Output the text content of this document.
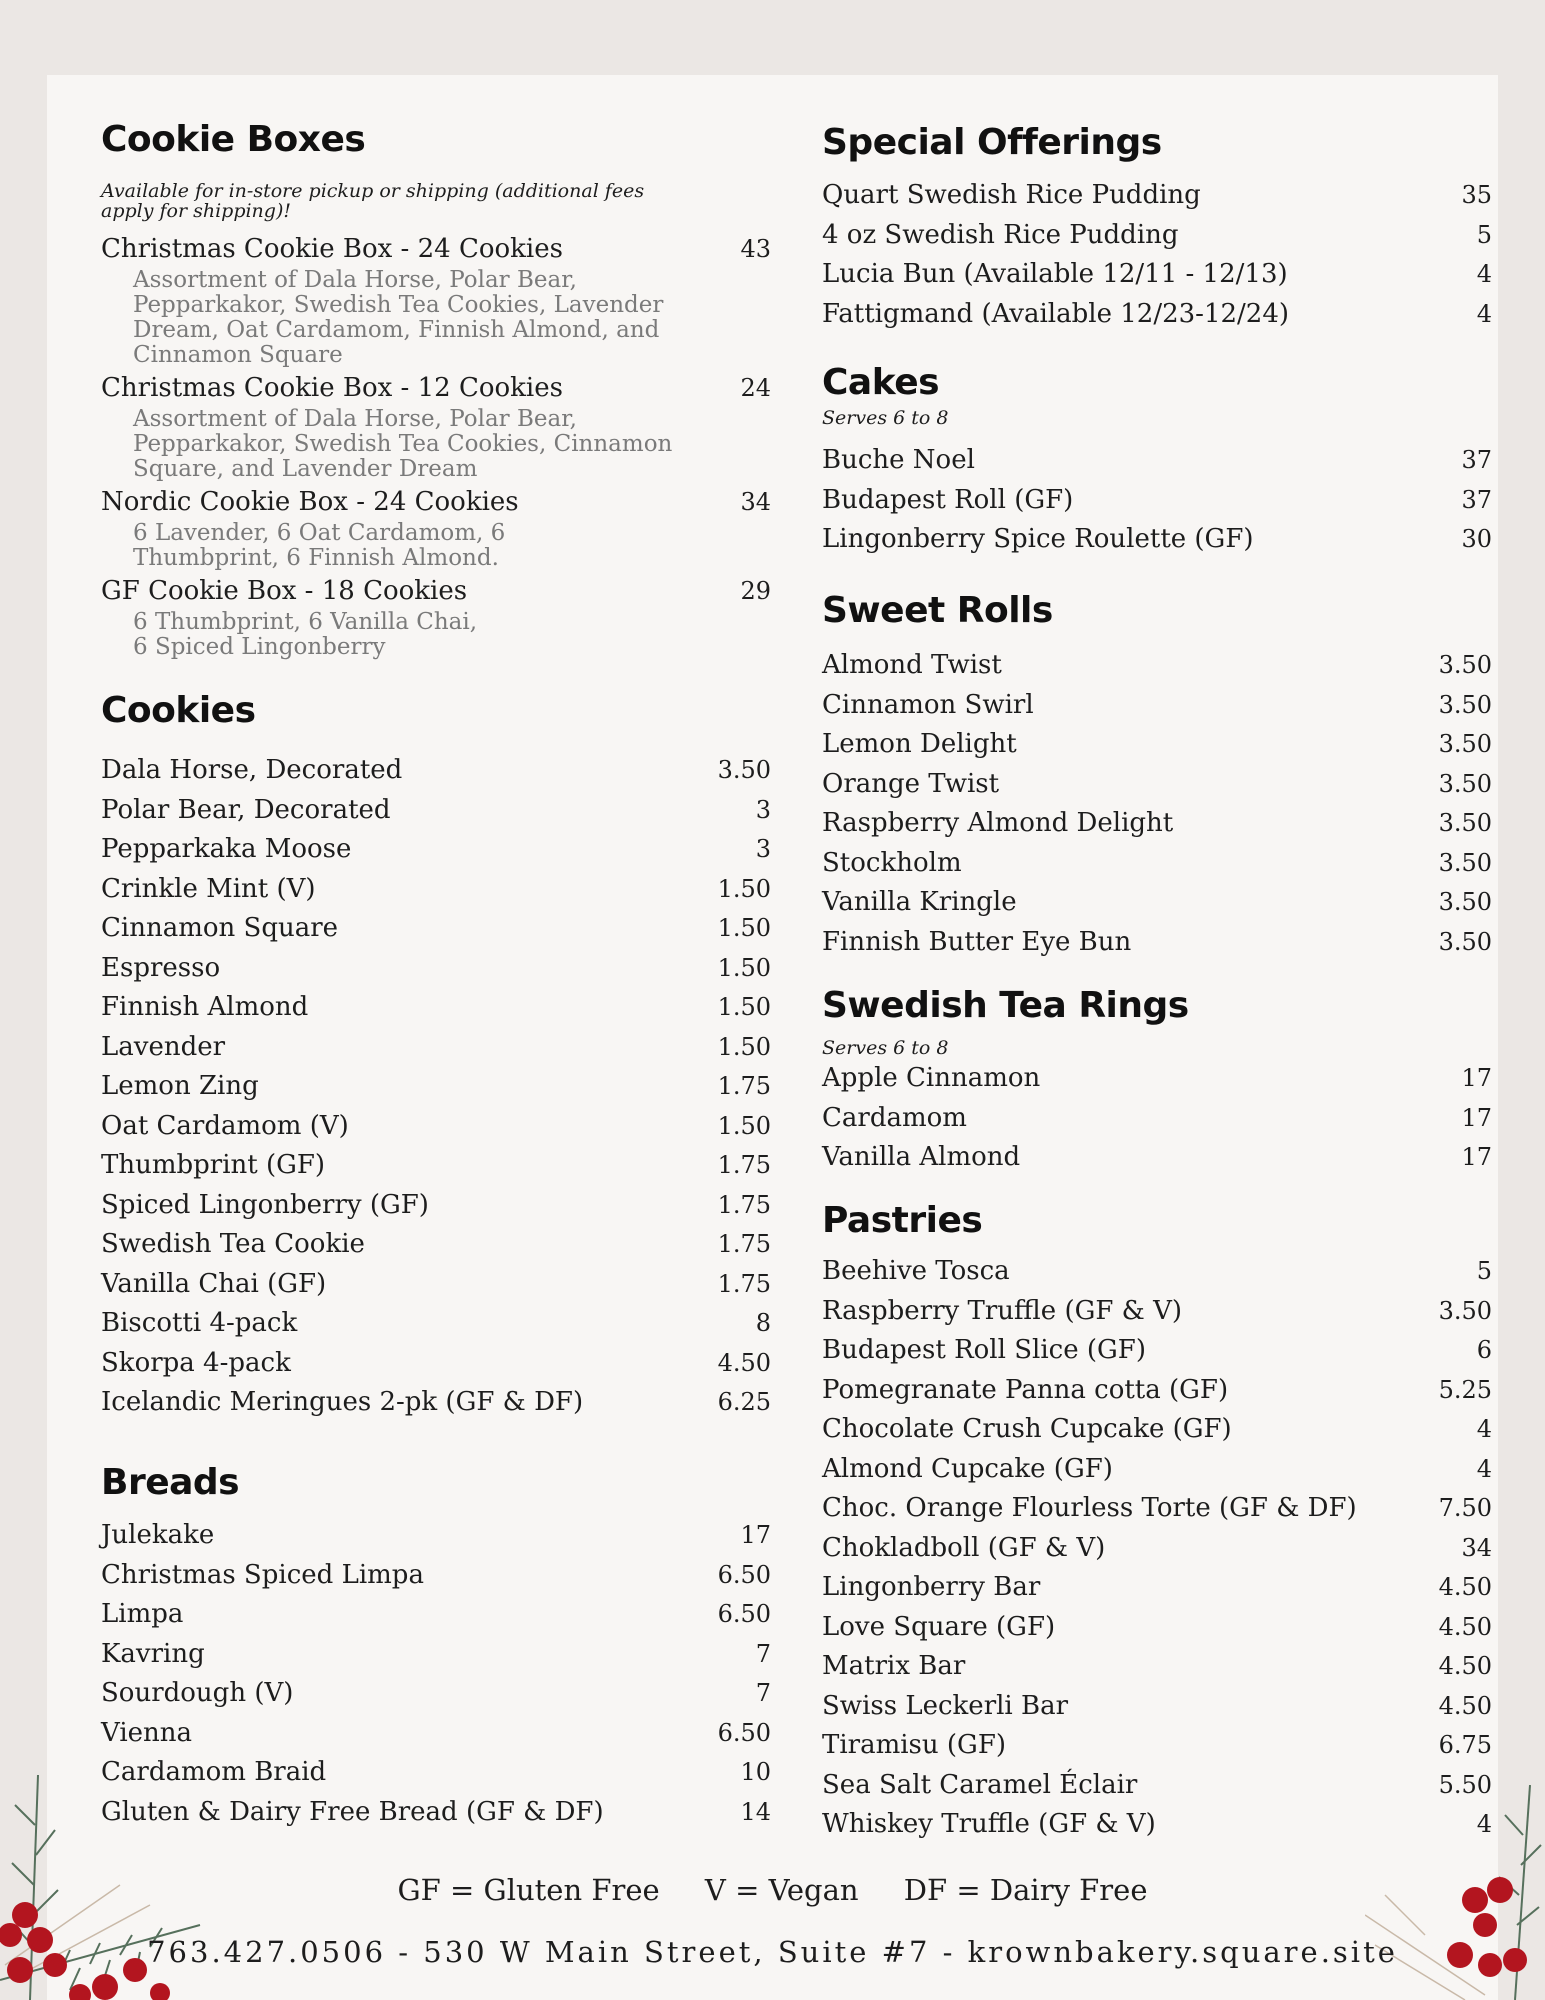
Cookie Boxes

Available for in-store pickup or shipping (additional fees apply for shipping)!

Christmas Cookie Box - 24 Cookies	43
Assortment of Dala Horse, Polar Bear, Pepparkakor, Swedish Tea Cookies, Lavender Dream, Oat Cardamom, Finnish Almond, and Cinnamon Square
Christmas Cookie Box - 12 Cookies	24
Assortment of Dala Horse, Polar Bear, Pepparkakor, Swedish Tea Cookies, Cinnamon Square, and Lavender Dream
Nordic Cookie Box - 24 Cookies	34
6 Lavender, 6 Oat Cardamom, 6 Thumbprint, 6 Finnish Almond.
GF Cookie Box - 18 Cookies	29
6 Thumbprint, 6 Vanilla Chai, 6 Spiced Lingonberry
Cookies
Breads
Dala Horse, Decorated	3.50
Polar Bear, Decorated	3
Pepparkaka Moose	3
Crinkle Mint (V)	1.50
Cinnamon Square	1.50
Espresso	1.50
Finnish Almond	1.50
Lavender	1.50
Lemon Zing	1.75
Oat Cardamom (V)	1.50
Thumbprint (GF)	1.75
Spiced Lingonberry (GF)	1.75
Swedish Tea Cookie	1.75
Vanilla Chai (GF)	1.75
Biscotti 4-pack	8
Skorpa 4-pack	4.50
Icelandic Meringues 2-pk (GF & DF)	6.25
Julekake	17
Christmas Spiced Limpa	6.50
Limpa	6.50
Kavring	7
Sourdough (V)	7
Vienna	6.50
Cardamom Braid	10
Gluten & Dairy Free Bread (GF & DF)	14
Special Offerings
Cakes

Serves 6 to 8

Sweet Rolls
Swedish Tea Rings

Serves 6 to 8

Pastries
Quart Swedish Rice Pudding	35
4 oz Swedish Rice Pudding	5
Lucia Bun (Available 12/11 - 12/13)	4
Fattigmand (Available 12/23-12/24)	4
Buche Noel	37
Budapest Roll (GF)	37
Lingonberry Spice Roulette (GF)	30
Almond Twist	3.50
Cinnamon Swirl	3.50
Lemon Delight	3.50
Orange Twist	3.50
Raspberry Almond Delight	3.50
Stockholm	3.50
Vanilla Kringle	3.50
Finnish Butter Eye Bun	3.50
Apple Cinnamon	17
Cardamom	17
Vanilla Almond	17
Beehive Tosca	5
Raspberry Truffle (GF & V)	3.50
Budapest Roll Slice (GF)	6
Pomegranate Panna cotta (GF)	5.25
Chocolate Crush Cupcake (GF)	4
Almond Cupcake (GF)	4
Choc. Orange Flourless Torte (GF & DF)	7.50
Chokladboll (GF & V)	34
Lingonberry Bar	4.50
Love Square (GF)	4.50
Matrix Bar	4.50
Swiss Leckerli Bar	4.50
Tiramisu (GF)	6.75
Sea Salt Caramel Éclair	5.50
Whiskey Truffle (GF & V)	4
GF = Gluten Free V = Vegan DF = Dairy Free
763.427.0506 - 530 W Main Street, Suite #7 - krownbakery.square.site
